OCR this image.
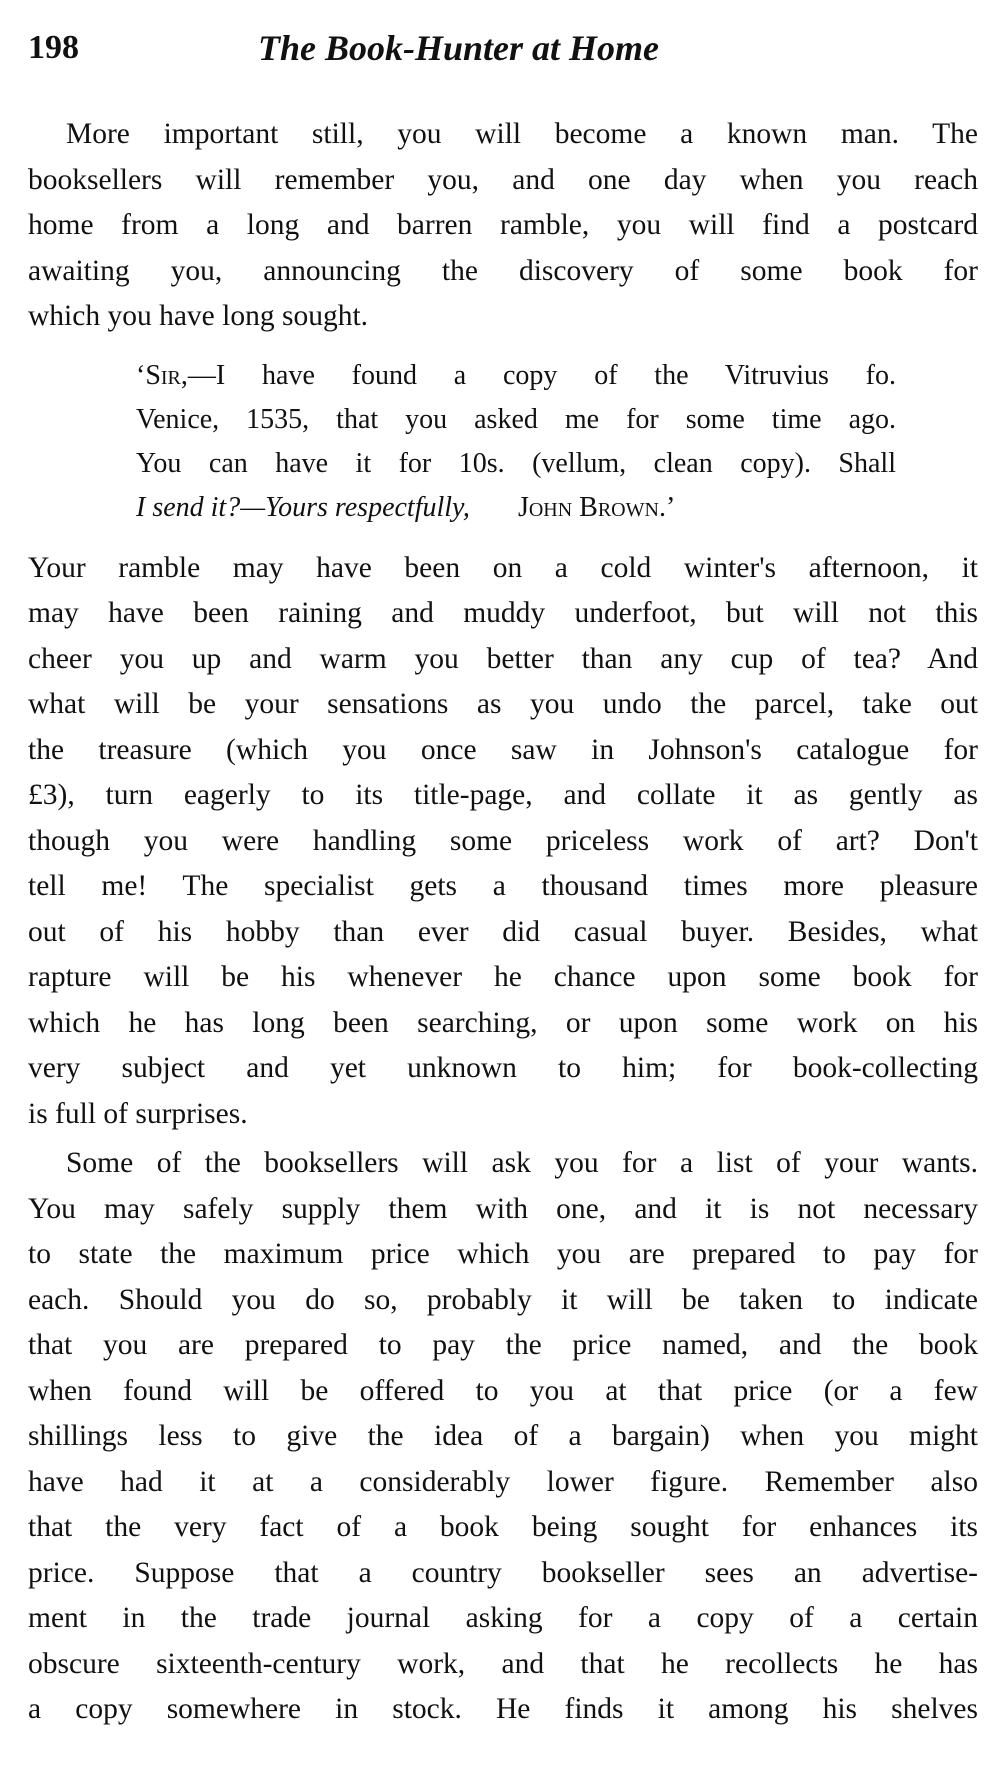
198	The Book-Hunter at Home
More important still, you will become a known man. The
booksellers will remember you, and one day when you reach
home from a long and barren ramble, you will find a postcard
awaiting you, announcing the discovery of some book for
which you have long sought.
‘Sir,—I have found a copy of the Vitruvius fo.
Venice, 1535, that you asked me for some time ago.
You can have it for 10s. (vellum, clean copy). Shall
I send it?—Yours respectfully, John Brown.’
Your ramble may have been on a cold winter's afternoon, it
may have been raining and muddy underfoot, but will not this
cheer you up and warm you better than any cup of tea? And
what will be your sensations as you undo the parcel, take out
the treasure (which you once saw in Johnson's catalogue for
£3), turn eagerly to its title-page, and collate it as gently as
though you were handling some priceless work of art? Don't
tell me! The specialist gets a thousand times more pleasure
out of his hobby than ever did casual buyer. Besides, what
rapture will be his whenever he chance upon some book for
which he has long been searching, or upon some work on his
very subject and yet unknown to him; for book-collecting
is full of surprises.
Some of the booksellers will ask you for a list of your wants.
You may safely supply them with one, and it is not necessary
to state the maximum price which you are prepared to pay for
each. Should you do so, probably it will be taken to indicate
that you are prepared to pay the price named, and the book
when found will be offered to you at that price (or a few
shillings less to give the idea of a bargain) when you might
have had it at a considerably lower figure. Remember also
that the very fact of a book being sought for enhances its
price. Suppose that a country bookseller sees an advertise-
ment in the trade journal asking for a copy of a certain
obscure sixteenth-century work, and that he recollects he has
a copy somewhere in stock. He finds it among his shelves
